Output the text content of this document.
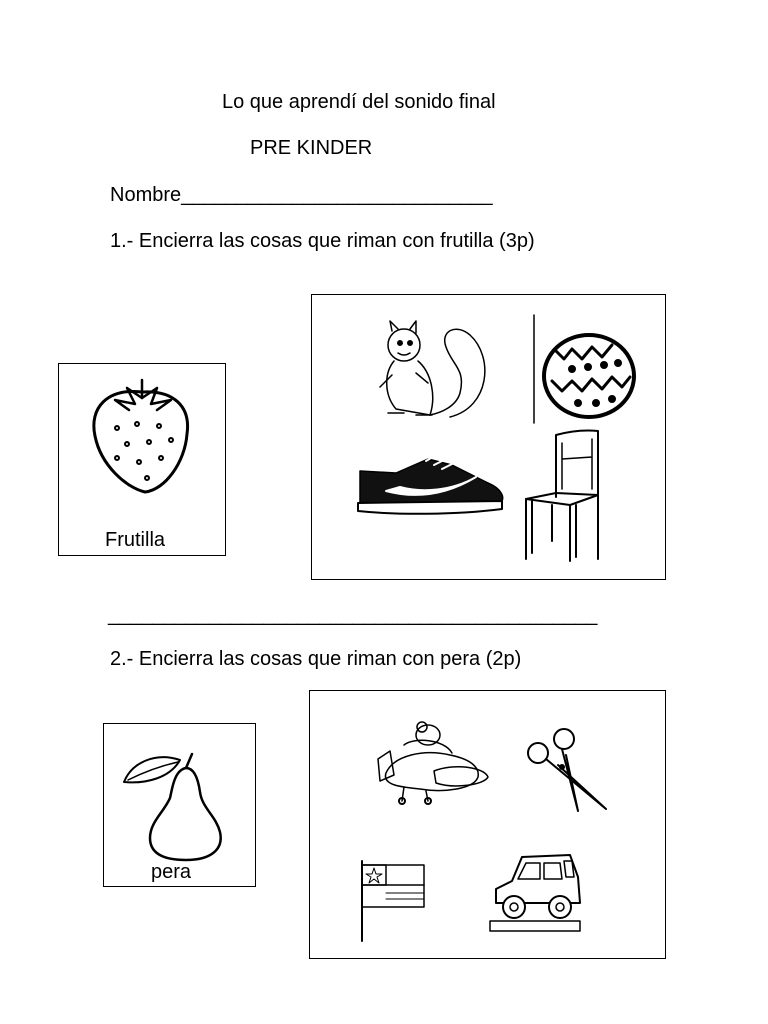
Lo que aprendí del sonido final
PRE KINDER
Nombre____________________________
1.- Encierra las cosas que riman con frutilla (3p)
Frutilla
____________________________________________
2.- Encierra las cosas que riman con pera (2p)
pera
